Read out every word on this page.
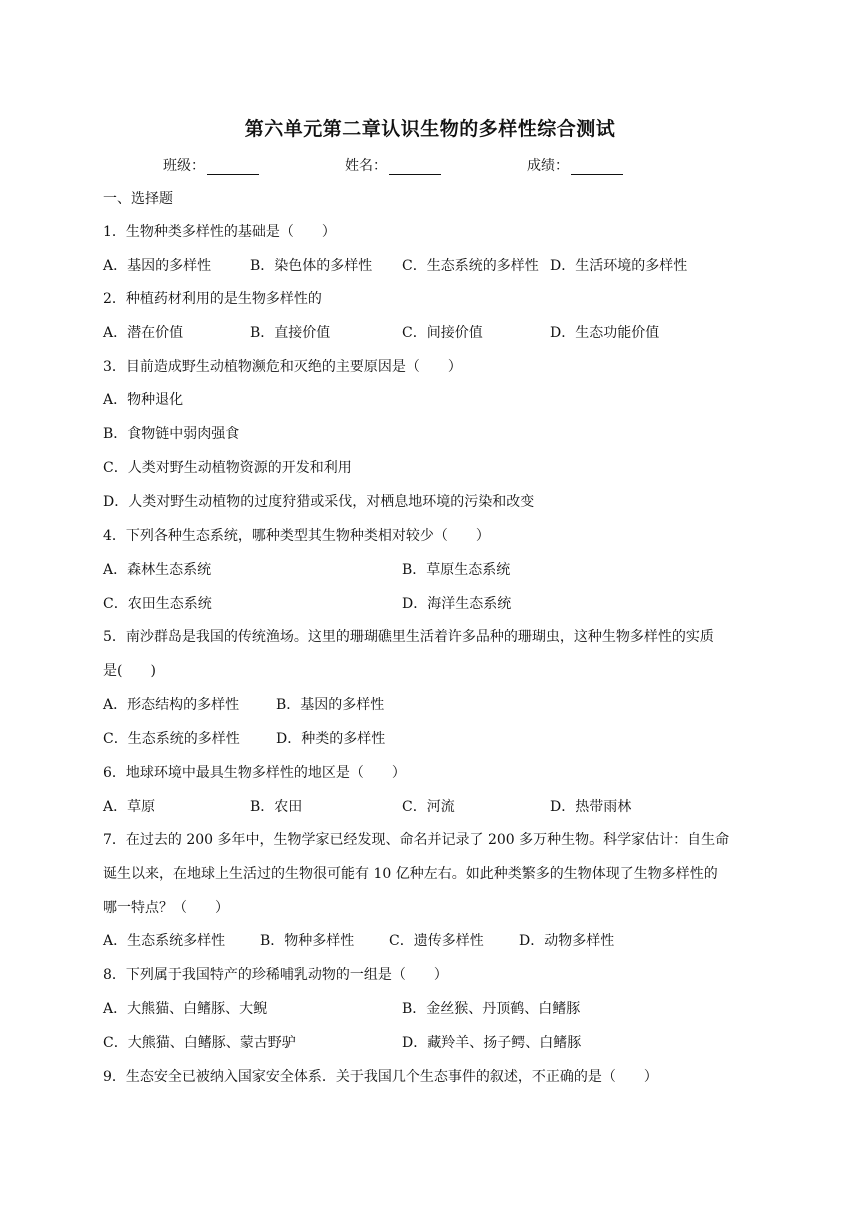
第六单元第二章认识生物的多样性综合测试
班级：	姓名：	成绩：
一、选择题
1．生物种类多样性的基础是（　　）
A．基因的多样性	B．染色体的多样性 C．生态系统的多样性 D．生活环境的多样性
2．种植药材利用的是生物多样性的
A．潜在价值	B．直接价值	C．间接价值	D．生态功能价值
3．目前造成野生动植物濒危和灭绝的主要原因是（　　）
A．物种退化
B．食物链中弱肉强食
C．人类对野生动植物资源的开发和利用
D．人类对野生动植物的过度狩猎或采伐，对栖息地环境的污染和改变
4．下列各种生态系统，哪种类型其生物种类相对较少（　　）
A．森林生态系统	B．草原生态系统
C．农田生态系统	D．海洋生态系统
5．南沙群岛是我国的传统渔场。这里的珊瑚礁里生活着许多品种的珊瑚虫，这种生物多样性的实质
是(　　)
A．形态结构的多样性	B．基因的多样性
C．生态系统的多样性	D．种类的多样性
6．地球环境中最具生物多样性的地区是（　　）
A．草原	B．农田	C．河流	D．热带雨林
7．在过去的 200 多年中，生物学家已经发现、命名并记录了 200 多万种生物。科学家估计：自生命
诞生以来，在地球上生活过的生物很可能有 10 亿种左右。如此种类繁多的生物体现了生物多样性的
哪一特点？（　　）
A．生态系统多样性 B．物种多样性 C．遗传多样性	D．动物多样性
8．下列属于我国特产的珍稀哺乳动物的一组是（　　）
A．大熊猫、白鳍豚、大鲵	B．金丝猴、丹顶鹤、白鳍豚
C．大熊猫、白鳍豚、蒙古野驴	D．藏羚羊、扬子鳄、白鳍豚
9．生态安全已被纳入国家安全体系．关于我国几个生态事件的叙述，不正确的是（　　）
